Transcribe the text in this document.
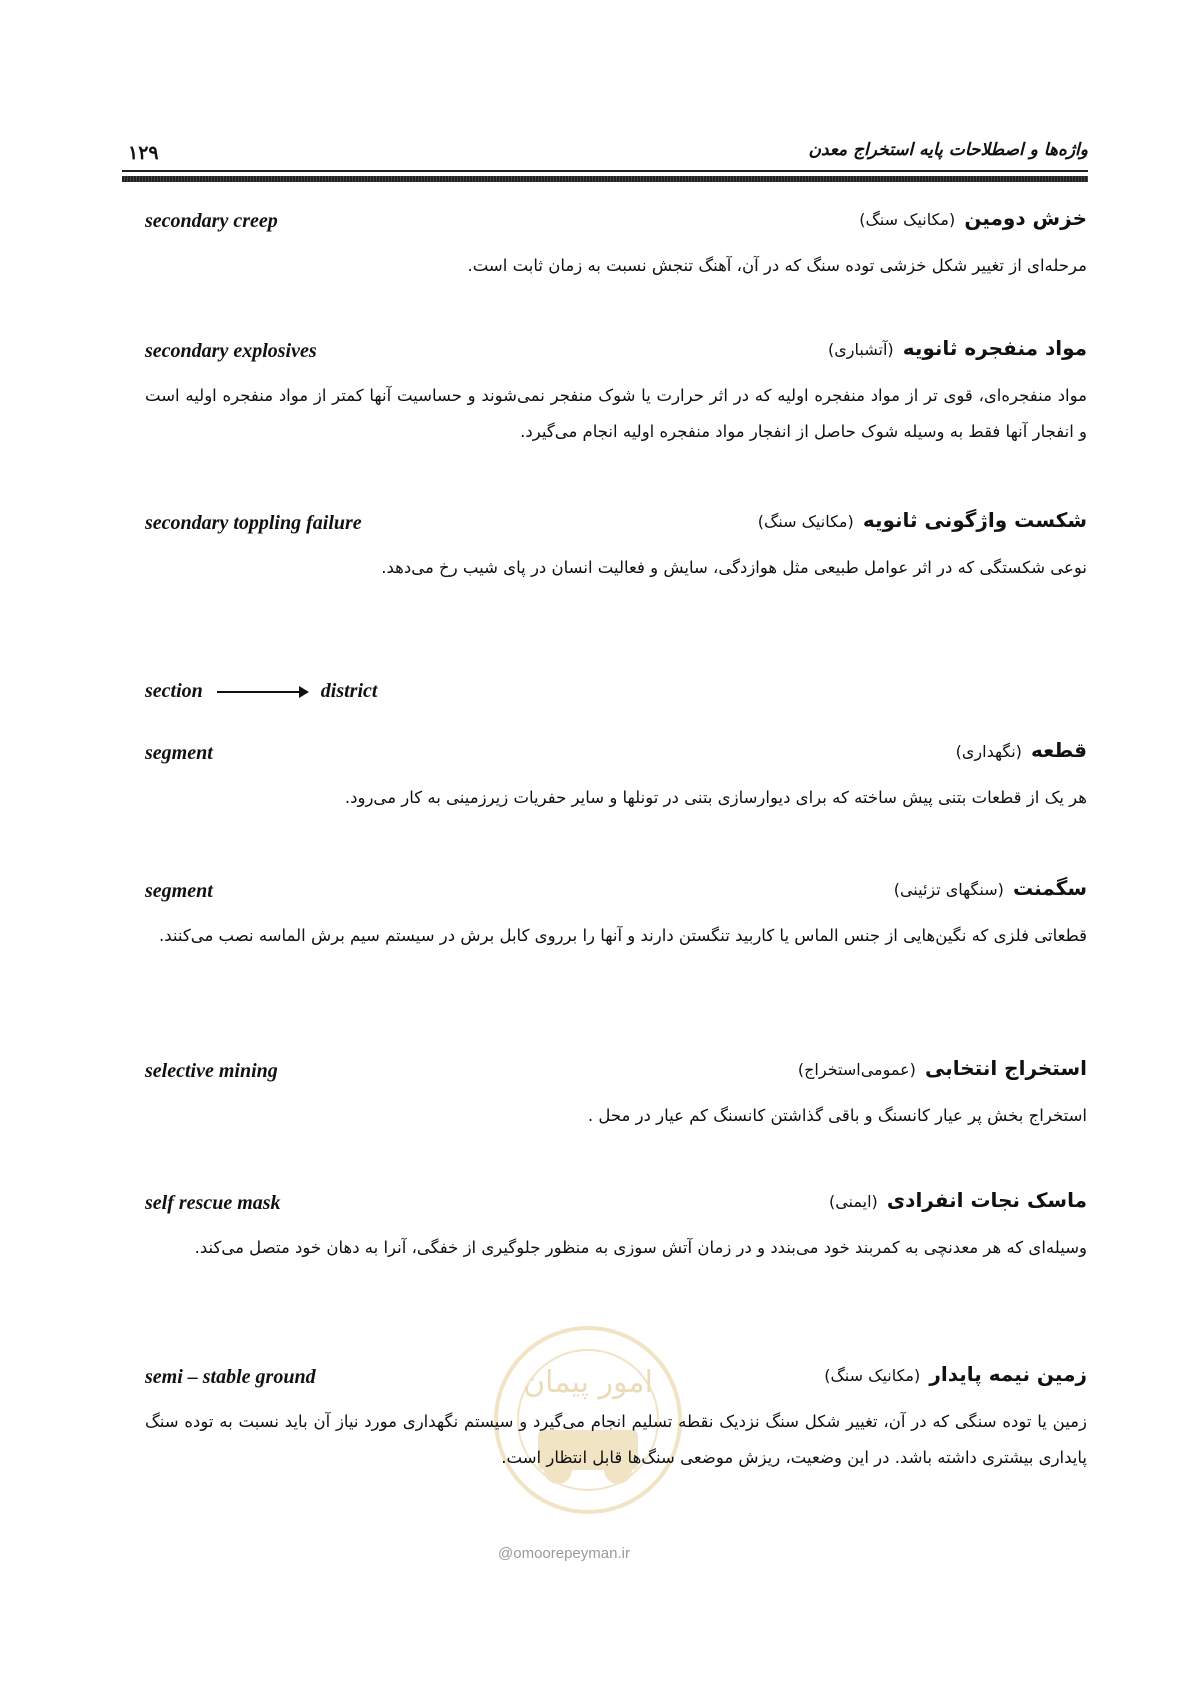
۱۲۹	واژه‌ها و اصطلاحات پایه استخراج معدن
secondary creep	خزش دومین (مکانیک سنگ)
مرحله‌ای از تغییر شکل خزشی توده سنگ که در آن، آهنگ تنجش نسبت به زمان ثابت است.
secondary explosives	مواد منفجره ثانویه (آتشباری)
مواد منفجره‌ای، قوی تر از مواد منفجره اولیه که در اثر حرارت یا شوک منفجر نمی‌شوند و حساسیت آنها کمتر از مواد منفجره اولیه است و انفجار آنها فقط به وسیله شوک حاصل از انفجار مواد منفجره اولیه انجام می‌گیرد.
secondary toppling failure	شکست واژگونی ثانویه (مکانیک سنگ)
نوعی شکستگی که در اثر عوامل طبیعی مثل هوازدگی، سایش و فعالیت انسان در پای شیب رخ می‌دهد.
section	district
segment	قطعه (نگهداری)
هر یک از قطعات بتنی پیش ساخته که برای دیوارسازی بتنی در تونلها و سایر حفریات زیرزمینی به کار می‌رود.
segment	سگمنت (سنگهای تزئینی)
قطعاتی فلزی که نگین‌هایی از جنس الماس یا کاربید تنگستن دارند و آنها را برروی کابل برش در سیستم سیم برش الماسه نصب می‌کنند.
selective mining	استخراج انتخابی (عمومی‌استخراج)
استخراج بخش پر عیار کانسنگ و باقی گذاشتن کانسنگ کم عیار در محل .
self rescue mask	ماسک نجات انفرادی (ایمنی)
وسیله‌ای که هر معدنچی به کمربند خود می‌بندد و در زمان آتش سوزی به منظور جلوگیری از خفگی، آنرا به دهان خود متصل می‌کند.
امور پیمان
@omoorepeyman.ir
semi – stable ground	زمین نیمه پایدار (مکانیک سنگ)
زمین یا توده سنگی که در آن، تغییر شکل سنگ نزدیک نقطه تسلیم انجام می‌گیرد و سیستم نگهداری مورد نیاز آن باید نسبت به توده سنگ پایداری بیشتری داشته باشد. در این وضعیت، ریزش موضعی سنگ‌ها قابل انتظار است.
